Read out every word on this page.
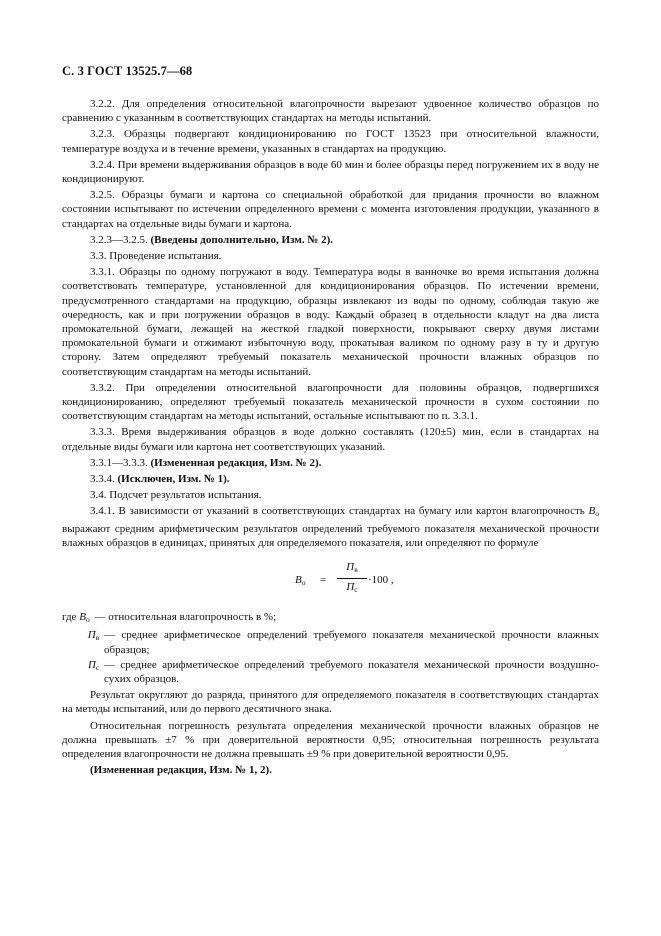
С. 3 ГОСТ 13525.7—68

3.2.2. Для определения относительной влагопрочности вырезают удвоенное количество образцов по сравнению с указанным в соответствующих стандартах на методы испытаний.

3.2.3. Образцы подвергают кондиционированию по ГОСТ 13523 при относительной влажности, температуре воздуха и в течение времени, указанных в стандартах на продукцию.

3.2.4. При времени выдерживания образцов в воде 60 мин и более образцы перед погружением их в воду не кондиционируют.

3.2.5. Образцы бумаги и картона со специальной обработкой для придания прочности во влажном состоянии испытывают по истечении определенного времени с момента изготовления продукции, указанного в стандартах на отдельные виды бумаги и картона.

3.2.3—3.2.5. (Введены дополнительно, Изм. № 2).

3.3. Проведение испытания.

3.3.1. Образцы по одному погружают в воду. Температура воды в ванночке во время испытания должна соответствовать температуре, установленной для кондиционирования образцов. По истечении времени, предусмотренного стандартами на продукцию, образцы извлекают из воды по одному, соблюдая такую же очередность, как и при погружении образцов в воду. Каждый образец в отдельности кладут на два листа промокательной бумаги, лежащей на жесткой гладкой поверхности, покрывают сверху двумя листами промокательной бумаги и отжимают избыточную воду, прокатывая валиком по одному разу в ту и другую сторону. Затем определяют требуемый показатель механической прочности влажных образцов по соответствующим стандартам на методы испытаний.

3.3.2. При определении относительной влагопрочности для половины образцов, подвергшихся кондиционированию, определяют требуемый показатель механической прочности в сухом состоянии по соответствующим стандартам на методы испытаний, остальные испытывают по п. 3.3.1.

3.3.3. Время выдерживания образцов в воде должно составлять (120±5) мин, если в стандартах на отдельные виды бумаги или картона нет соответствующих указаний.

3.3.1—3.3.3. (Измененная редакция, Изм. № 2).

3.3.4. (Исключен, Изм. № 1).

3.4. Подсчет результатов испытания.

3.4.1. В зависимости от указаний в соответствующих стандартах на бумагу или картон влагопрочность $В_о$ выражают средним арифметическим результатов определений требуемого показателя механической прочности влажных образцов в единицах, принятых для определяемого показателя, или определяют по формуле

$В_о$ =
$П_в$
$П_с$
·100 ,
где $В_о$ — относительная влагопрочность в %;
$П_в$ — среднее арифметическое определений требуемого показателя механической прочности влажных образцов;
$П_с$ — среднее арифметическое определений требуемого показателя механической прочности воздушно-сухих образцов.

Результат округляют до разряда, принятого для определяемого показателя в соответствующих стандартах на методы испытаний, или до первого десятичного знака.

Относительная погрешность результата определения механической прочности влажных образцов не должна превышать ±7 % при доверительной вероятности 0,95; относительная погрешность результата определения влагопрочности не должна превышать ±9 % при доверительной вероятности 0,95.

(Измененная редакция, Изм. № 1, 2).
